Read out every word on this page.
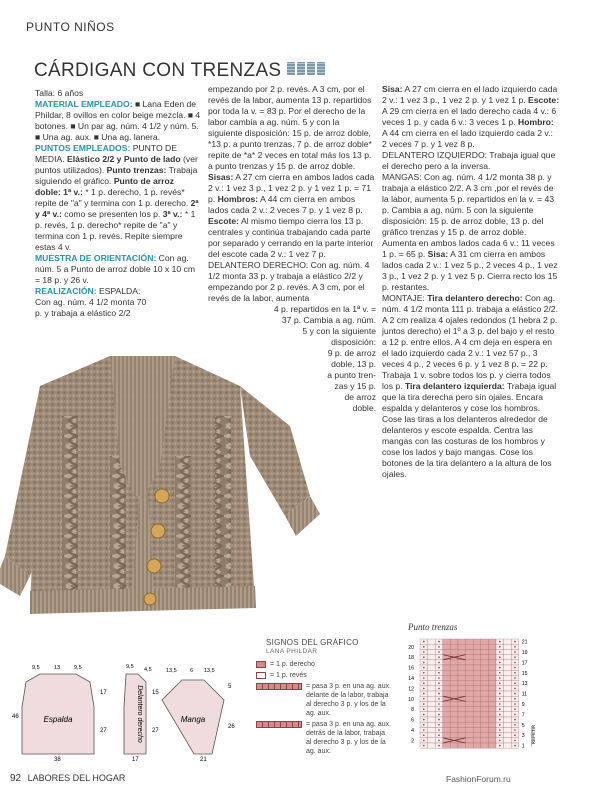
PUNTO NIÑOS
CÁRDIGAN CON TRENZAS

Talla: 6 años

MATERIAL EMPLEADO: ■ Lana Eden de Phildar, 8 ovillos en color beige mezcla. ■ 4 botones. ■ Un par ag. núm. 4 1/2 y núm. 5. ■ Una ag. aux. ■ Una ag. lanera.

PUNTOS EMPLEADOS: PUNTO DE MEDIA. Elástico 2/2 y Punto de lado (ver puntos utilizados). Punto trenzas: Trabaja siguiendo el gráfico. Punto de arroz doble: 1ª v.: * 1 p. derecho, 1 p. revés* repite de "a" y termina con 1 p. derecho. 2ª y 4ª v.: como se presenten los p. 3ª v.: * 1 p. revés, 1 p. derecho* repite de "a" y termina con 1 p. revés. Repite siempre estas 4 v.

MUESTRA DE ORIENTACIÓN: Con ag. núm. 5 a Punto de arroz doble 10 x 10 cm = 18 p. y 26 v.

REALIZACIÓN: ESPALDA: Con ag. núm. 4 1/2 monta 70 p. y trabaja a elástico 2/2

empezando por 2 p. revés. A 3 cm, por el revés de la labor, aumenta 13 p. repartidos por toda la v. = 83 p. Por el derecho de la labor cambia a ag. núm. 5 y con la siguiente disposición: 15 p. de arroz doble, *13 p. a punto trenzas, 7 p. de arroz doble* repite de *a* 2 veces en total más los 13 p. a punto trenzas y 15 p. de arroz doble.

Sisas: A 27 cm cierra en ambos lados cada 2 v.: 1 vez 3 p., 1 vez 2 p. y 1 vez 1 p. = 71 p. Hombros: A 44 cm cierra en ambos lados cada 2 v.: 2 veces 7 p. y 1 vez 8 p. Escote: Al mismo tiempo cierra los 13 p. centrales y continúa trabajando cada parte por separado y cerrando en la parte interior del escote cada 2 v.: 1 vez 7 p.

DELANTERO DERECHO: Con ag. núm. 4 1/2 monta 33 p. y trabaja a elástico 2/2 y empezando por 2 p. revés. A 3 cm, por el revés de la labor, aumenta

4 p. repartidos en la 1ª v. =

37 p. Cambia a ag. núm.

5 y con la siguiente

disposición:

9 p. de arroz

doble, 13 p.

a punto tren-

zas y 15 p.

de arroz

doble.

Sisa: A 27 cm cierra en el lado izquierdo cada 2 v.: 1 vez 3 p., 1 vez 2 p. y 1 vez 1 p. Escote: A 29 cm cierra en el lado derecho cada 4 v.: 6 veces 1 p. y cada 6 v.: 3 veces 1 p. Hombro: A 44 cm cierra en el lado izquierdo cada 2 v.: 2 veces 7 p. y 1 vez 8 p.

DELANTERO IZQUIERDO: Trabaja igual que el derecho pero a la inversa.

MANGAS: Con ag. núm. 4 1/2 monta 38 p. y trabaja a elástico 2/2. A 3 cm ,por el revés de la labor, aumenta 5 p. repartidos en la v. = 43 p. Cambia a ag. núm. 5 con la siguiente disposición: 15 p. de arroz doble, 13 p. del gráfico trenzas y 15 p. de arroz doble. Aumenta en ambos lados cada 6 v.: 11 veces 1 p. = 65 p. Sisa: A 31 cm cierra en ambos lados cada 2 v.: 1 vez 5 p., 2 veces 4 p., 1 vez 3 p., 1 vez 2 p. y 1 vez 5 p. Cierra recto los 15 p. restantes.

MONTAJE: Tira delantero derecho: Con ag. núm. 4 1/2 monta 111 p. trabaja a elástico 2/2. A 2 cm realiza 4 ojales redondos (1 hebra 2 p. juntos derecho) el 1º a 3 p. del bajo y el resto a 12 p. entre ellos. A 4 cm deja en espera en el lado izquierdo cada 2 v.: 1 vez 57 p., 3 veces 4 p., 2 veces 6 p. y 1 vez 8 p. = 22 p. Trabaja 1 v. sobre todos los p. y cierra todos los p. Tira delantero izquierda: Trabaja igual que la tira derecha pero sin ojales. Encara espalda y delanteros y cose los hombros. Cose las tiras a los delanteros alrededor de delanteros y escote espalda. Centra las mangas con las costuras de los hombros y cose los lados y bajo mangas. Cose los botones de la tira delantero a la altura de los ojales.

SIGNOS DEL GRÁFICO
LANA PHILDAR
= 1 p. derecho
= 1 p. revés
= pasa 3 p. en una ag. aux. delante de la labor, trabaja al derecho 3 p. y los de la ag. aux.
= pasa 3 p. en una ag. aux. detrás de la labor, trabaja al derecho 3 p. y los de la ag. aux.
Punto trenzas
20
18
16
14
12
10
8
6
4
2
21
19
17
15
13
11
9
7
5
3
1
REPETIR
Espalda
9,5	13	9,5
46
17
27
38
Delantero derecho
9,5 4,5
15
27
17
Manga
13,5 6 13,5
5
26
21
92 LABORES DEL HOGAR	FashionForum.ru
